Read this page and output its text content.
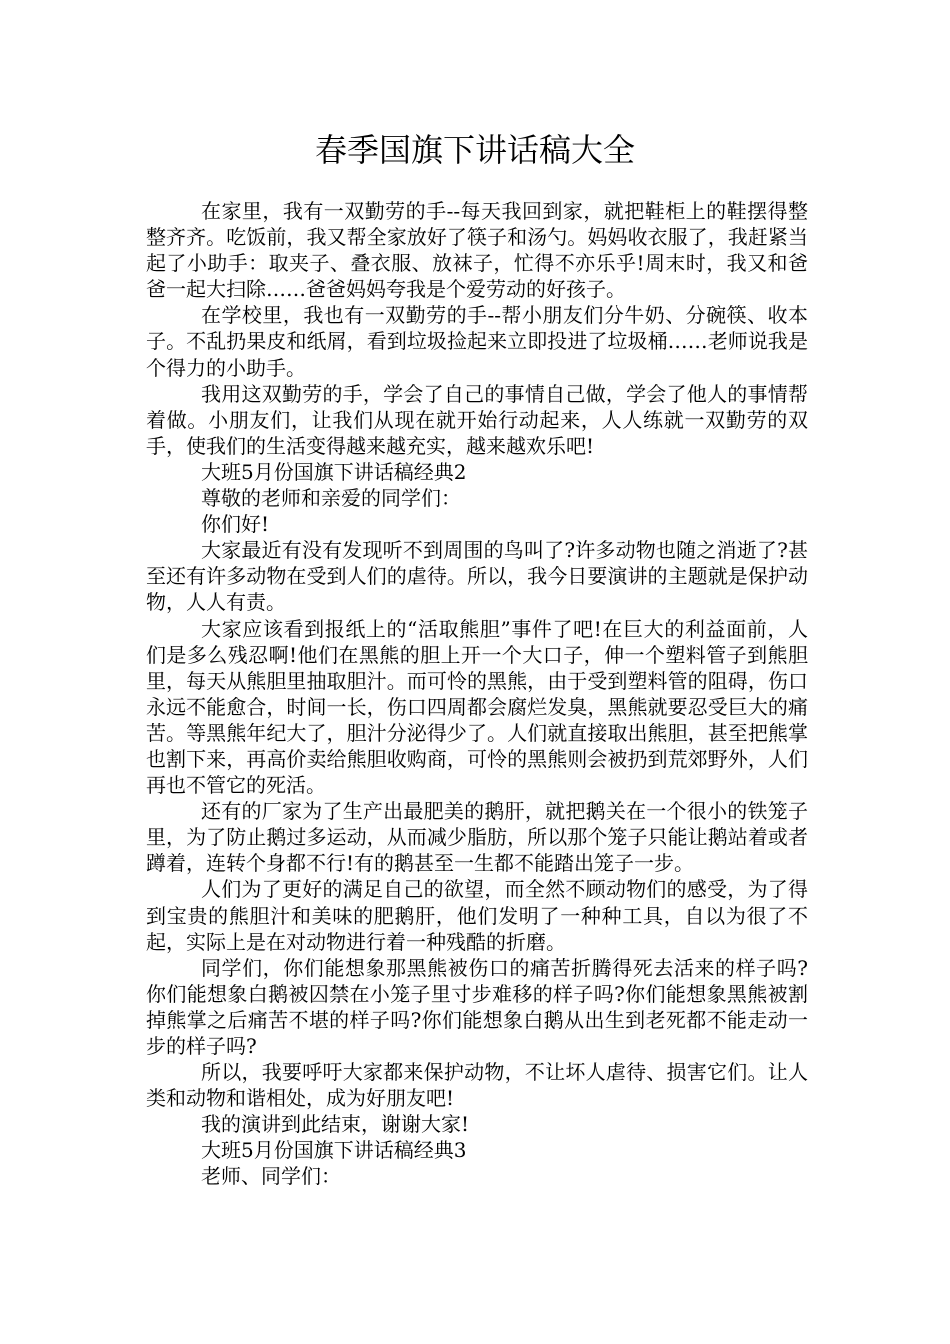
春季国旗下讲话稿大全

在家里，我有一双勤劳的手--每天我回到家，就把鞋柜上的鞋摆得整整齐齐。吃饭前，我又帮全家放好了筷子和汤勺。妈妈收衣服了，我赶紧当起了小助手：取夹子、叠衣服、放袜子，忙得不亦乐乎!周末时，我又和爸爸一起大扫除……爸爸妈妈夸我是个爱劳动的好孩子。

在学校里，我也有一双勤劳的手--帮小朋友们分牛奶、分碗筷、收本子。不乱扔果皮和纸屑，看到垃圾捡起来立即投进了垃圾桶……老师说我是个得力的小助手。

我用这双勤劳的手，学会了自己的事情自己做，学会了他人的事情帮着做。小朋友们，让我们从现在就开始行动起来，人人练就一双勤劳的双手，使我们的生活变得越来越充实，越来越欢乐吧!

大班5月份国旗下讲话稿经典2

尊敬的老师和亲爱的同学们：

你们好!

大家最近有没有发现听不到周围的鸟叫了?许多动物也随之消逝了?甚至还有许多动物在受到人们的虐待。所以，我今日要演讲的主题就是保护动物，人人有责。

大家应该看到报纸上的“活取熊胆”事件了吧!在巨大的利益面前，人们是多么残忍啊!他们在黑熊的胆上开一个大口子，伸一个塑料管子到熊胆里，每天从熊胆里抽取胆汁。而可怜的黑熊，由于受到塑料管的阻碍，伤口永远不能愈合，时间一长，伤口四周都会腐烂发臭，黑熊就要忍受巨大的痛苦。等黑熊年纪大了，胆汁分泌得少了。人们就直接取出熊胆，甚至把熊掌也割下来，再高价卖给熊胆收购商，可怜的黑熊则会被扔到荒郊野外，人们再也不管它的死活。

还有的厂家为了生产出最肥美的鹅肝，就把鹅关在一个很小的铁笼子里，为了防止鹅过多运动，从而减少脂肪，所以那个笼子只能让鹅站着或者蹲着，连转个身都不行!有的鹅甚至一生都不能踏出笼子一步。

人们为了更好的满足自己的欲望，而全然不顾动物们的感受，为了得到宝贵的熊胆汁和美味的肥鹅肝，他们发明了一种种工具，自以为很了不起，实际上是在对动物进行着一种残酷的折磨。

同学们，你们能想象那黑熊被伤口的痛苦折腾得死去活来的样子吗?你们能想象白鹅被囚禁在小笼子里寸步难移的样子吗?你们能想象黑熊被割掉熊掌之后痛苦不堪的样子吗?你们能想象白鹅从出生到老死都不能走动一步的样子吗?

所以，我要呼吁大家都来保护动物，不让坏人虐待、损害它们。让人类和动物和谐相处，成为好朋友吧!

我的演讲到此结束，谢谢大家!

大班5月份国旗下讲话稿经典3

老师、同学们：
